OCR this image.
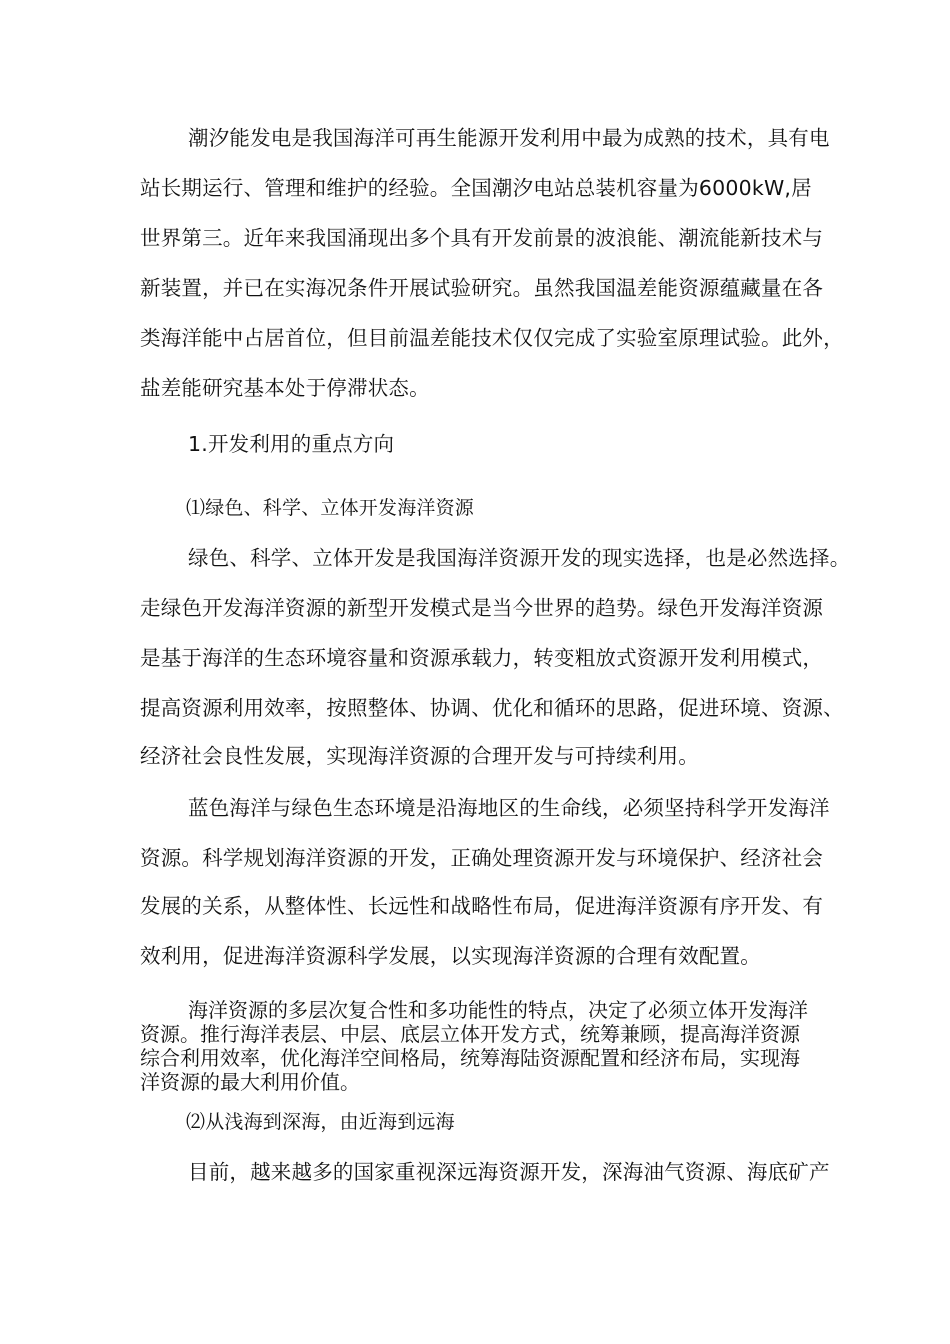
潮汐能发电是我国海洋可再生能源开发利用中最为成熟的技术，具有电
站长期运行、管理和维护的经验。全国潮汐电站总装机容量为6000kW,居
世界第三。近年来我国涌现出多个具有开发前景的波浪能、潮流能新技术与
新装置，并已在实海况条件开展试验研究。虽然我国温差能资源蕴藏量在各
类海洋能中占居首位，但目前温差能技术仅仅完成了实验室原理试验。此外，
盐差能研究基本处于停滞状态。
1.开发利用的重点方向
⑴绿色、科学、立体开发海洋资源
绿色、科学、立体开发是我国海洋资源开发的现实选择，也是必然选择。
走绿色开发海洋资源的新型开发模式是当今世界的趋势。绿色开发海洋资源
是基于海洋的生态环境容量和资源承载力，转变粗放式资源开发利用模式，
提高资源利用效率，按照整体、协调、优化和循环的思路，促进环境、资源、
经济社会良性发展，实现海洋资源的合理开发与可持续利用。
蓝色海洋与绿色生态环境是沿海地区的生命线，必须坚持科学开发海洋
资源。科学规划海洋资源的开发，正确处理资源开发与环境保护、经济社会
发展的关系，从整体性、长远性和战略性布局，促进海洋资源有序开发、有
效利用，促进海洋资源科学发展，以实现海洋资源的合理有效配置。
海洋资源的多层次复合性和多功能性的特点，决定了必须立体开发海洋
资源。推行海洋表层、中层、底层立体开发方式，统筹兼顾，提高海洋资源
综合利用效率，优化海洋空间格局，统筹海陆资源配置和经济布局，实现海
洋资源的最大利用价值。
⑵从浅海到深海，由近海到远海
目前，越来越多的国家重视深远海资源开发，深海油气资源、海底矿产
